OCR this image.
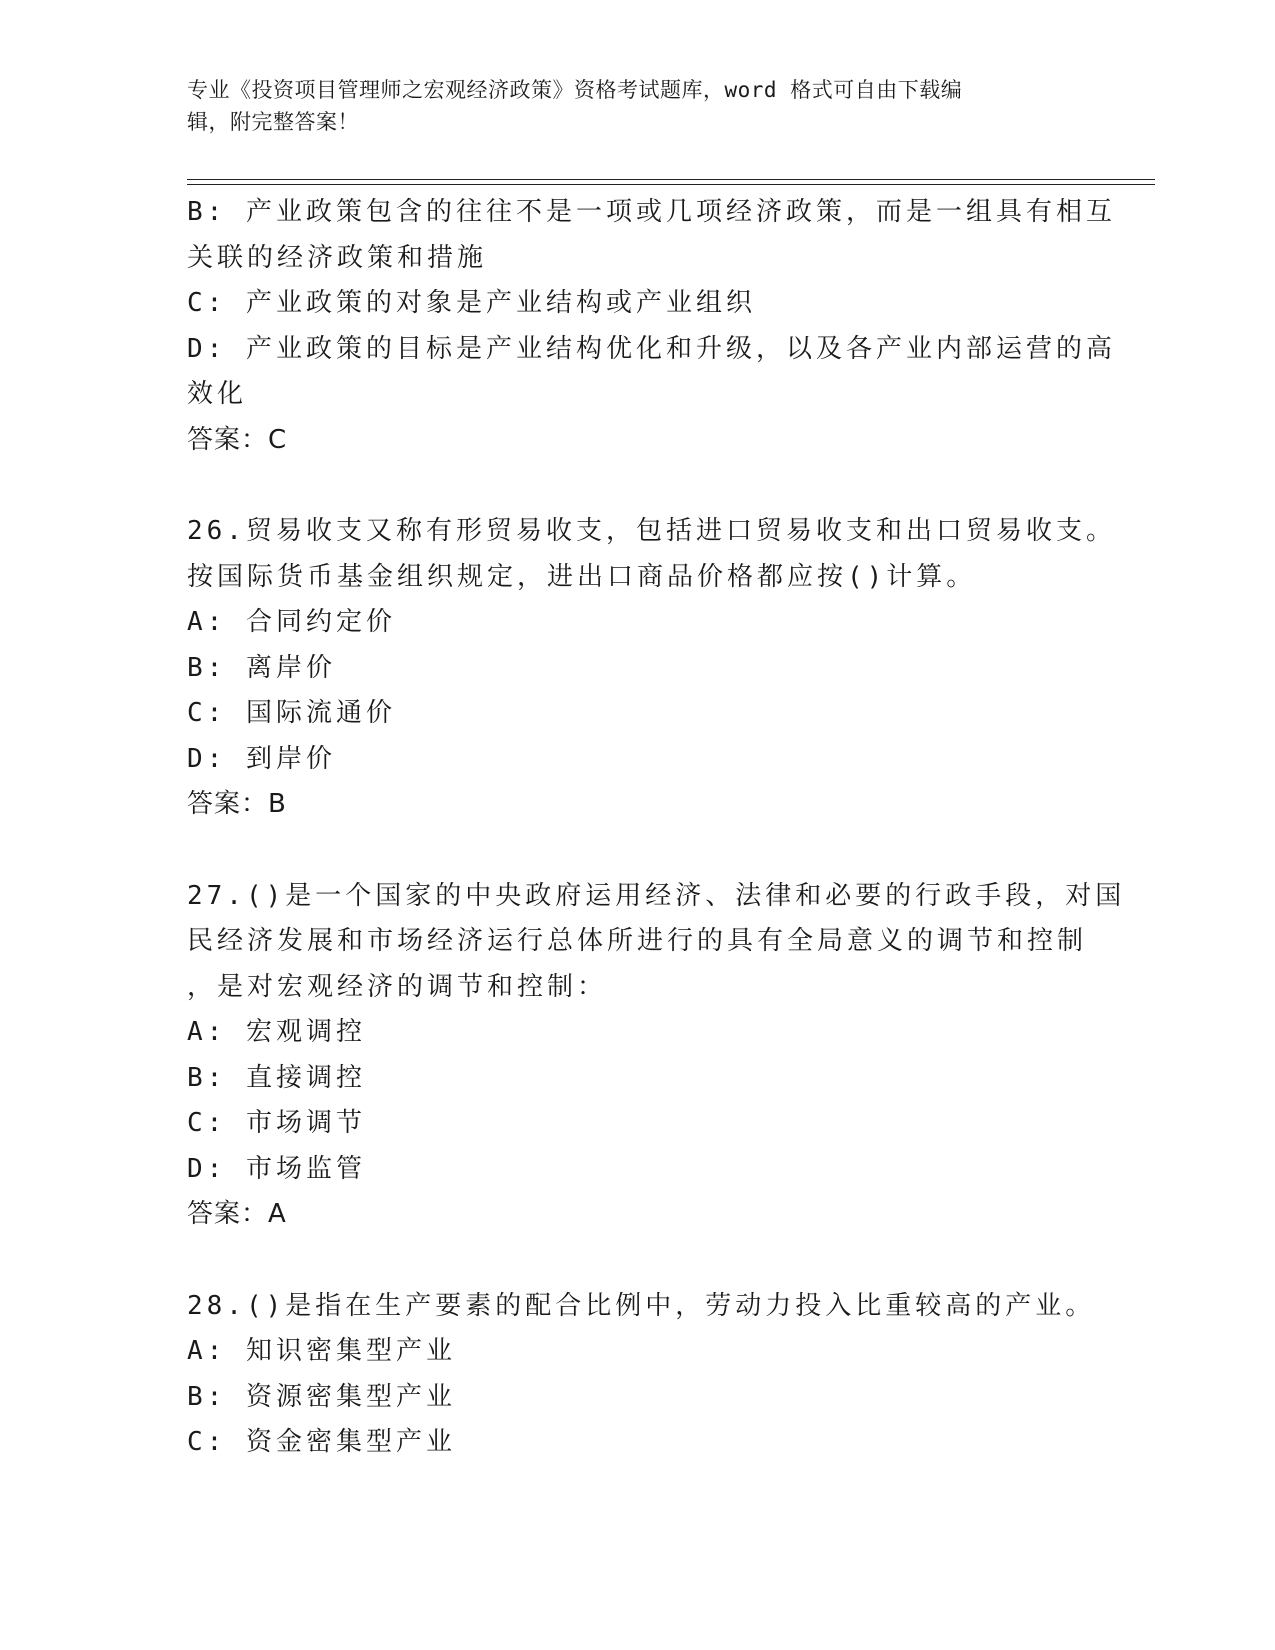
专业《投资项目管理师之宏观经济政策》资格考试题库，word 格式可自由下载编
辑，附完整答案！
B: 产业政策包含的往往不是一项或几项经济政策，而是一组具有相互
关联的经济政策和措施
C: 产业政策的对象是产业结构或产业组织
D: 产业政策的目标是产业结构优化和升级，以及各产业内部运营的高
效化
答案：C
26.贸易收支又称有形贸易收支，包括进口贸易收支和出口贸易收支。
按国际货币基金组织规定，进出口商品价格都应按()计算。
A: 合同约定价
B: 离岸价
C: 国际流通价
D: 到岸价
答案：B
27.()是一个国家的中央政府运用经济、法律和必要的行政手段，对国
民经济发展和市场经济运行总体所进行的具有全局意义的调节和控制
，是对宏观经济的调节和控制：
A: 宏观调控
B: 直接调控
C: 市场调节
D: 市场监管
答案：A
28.()是指在生产要素的配合比例中，劳动力投入比重较高的产业。
A: 知识密集型产业
B: 资源密集型产业
C: 资金密集型产业
